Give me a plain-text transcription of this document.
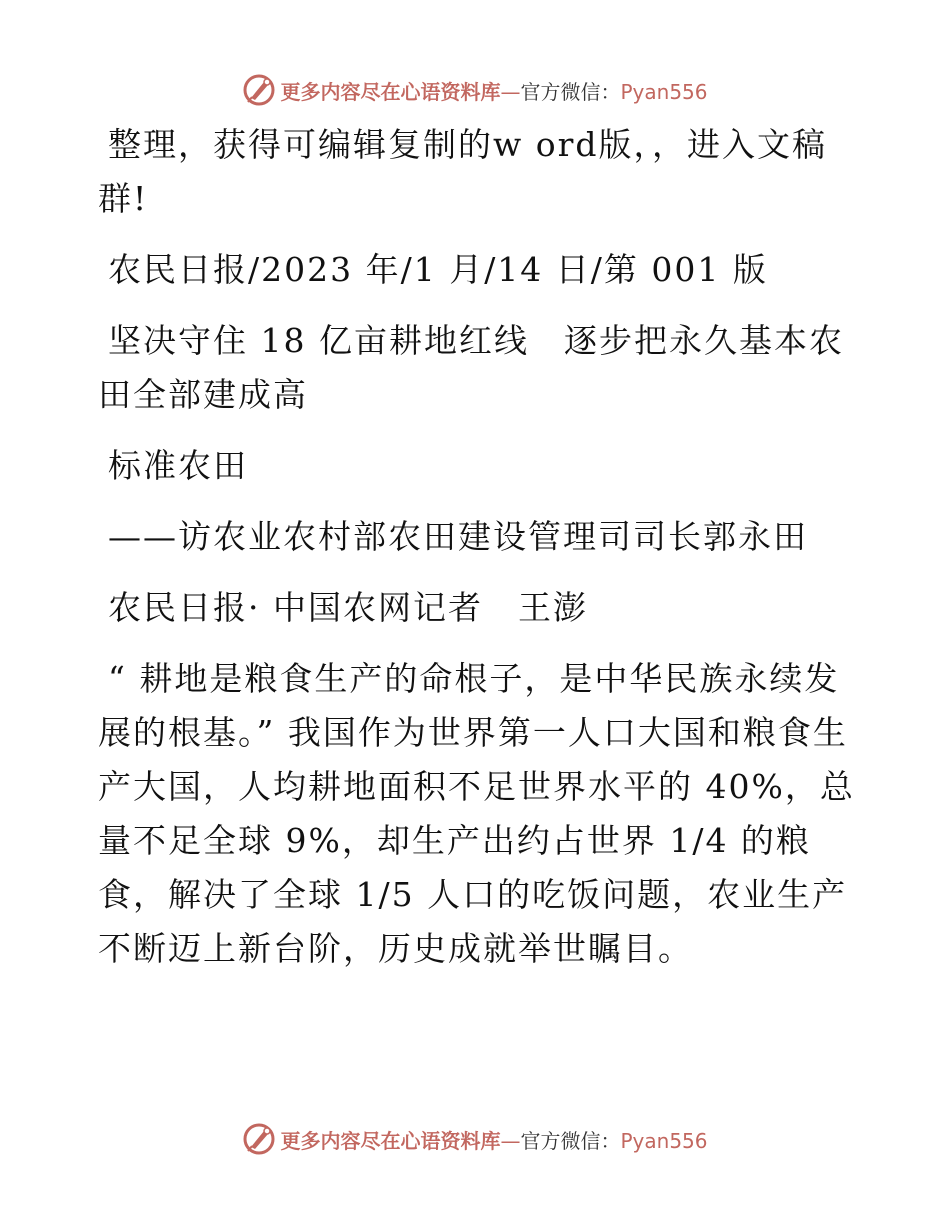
更多内容尽在心语资料库—官方微信：Pyan556

整理，获得可编辑复制的w ord版，，进入文稿群!

农民日报/2023 年/1 月/14 日/第 001 版

坚决守住 18 亿亩耕地红线　逐步把永久基本农田全部建成高

标准农田

——访农业农村部农田建设管理司司长郭永田

农民日报· 中国农网记者　王澎

“ 耕地是粮食生产的命根子，是中华民族永续发展的根基。” 我国作为世界第一人口大国和粮食生产大国，人均耕地面积不足世界水平的 40%，总量不足全球 9%，却生产出约占世界 1/4 的粮食，解决了全球 1/5 人口的吃饭问题，农业生产不断迈上新台阶，历史成就举世瞩目。

更多内容尽在心语资料库—官方微信：Pyan556
